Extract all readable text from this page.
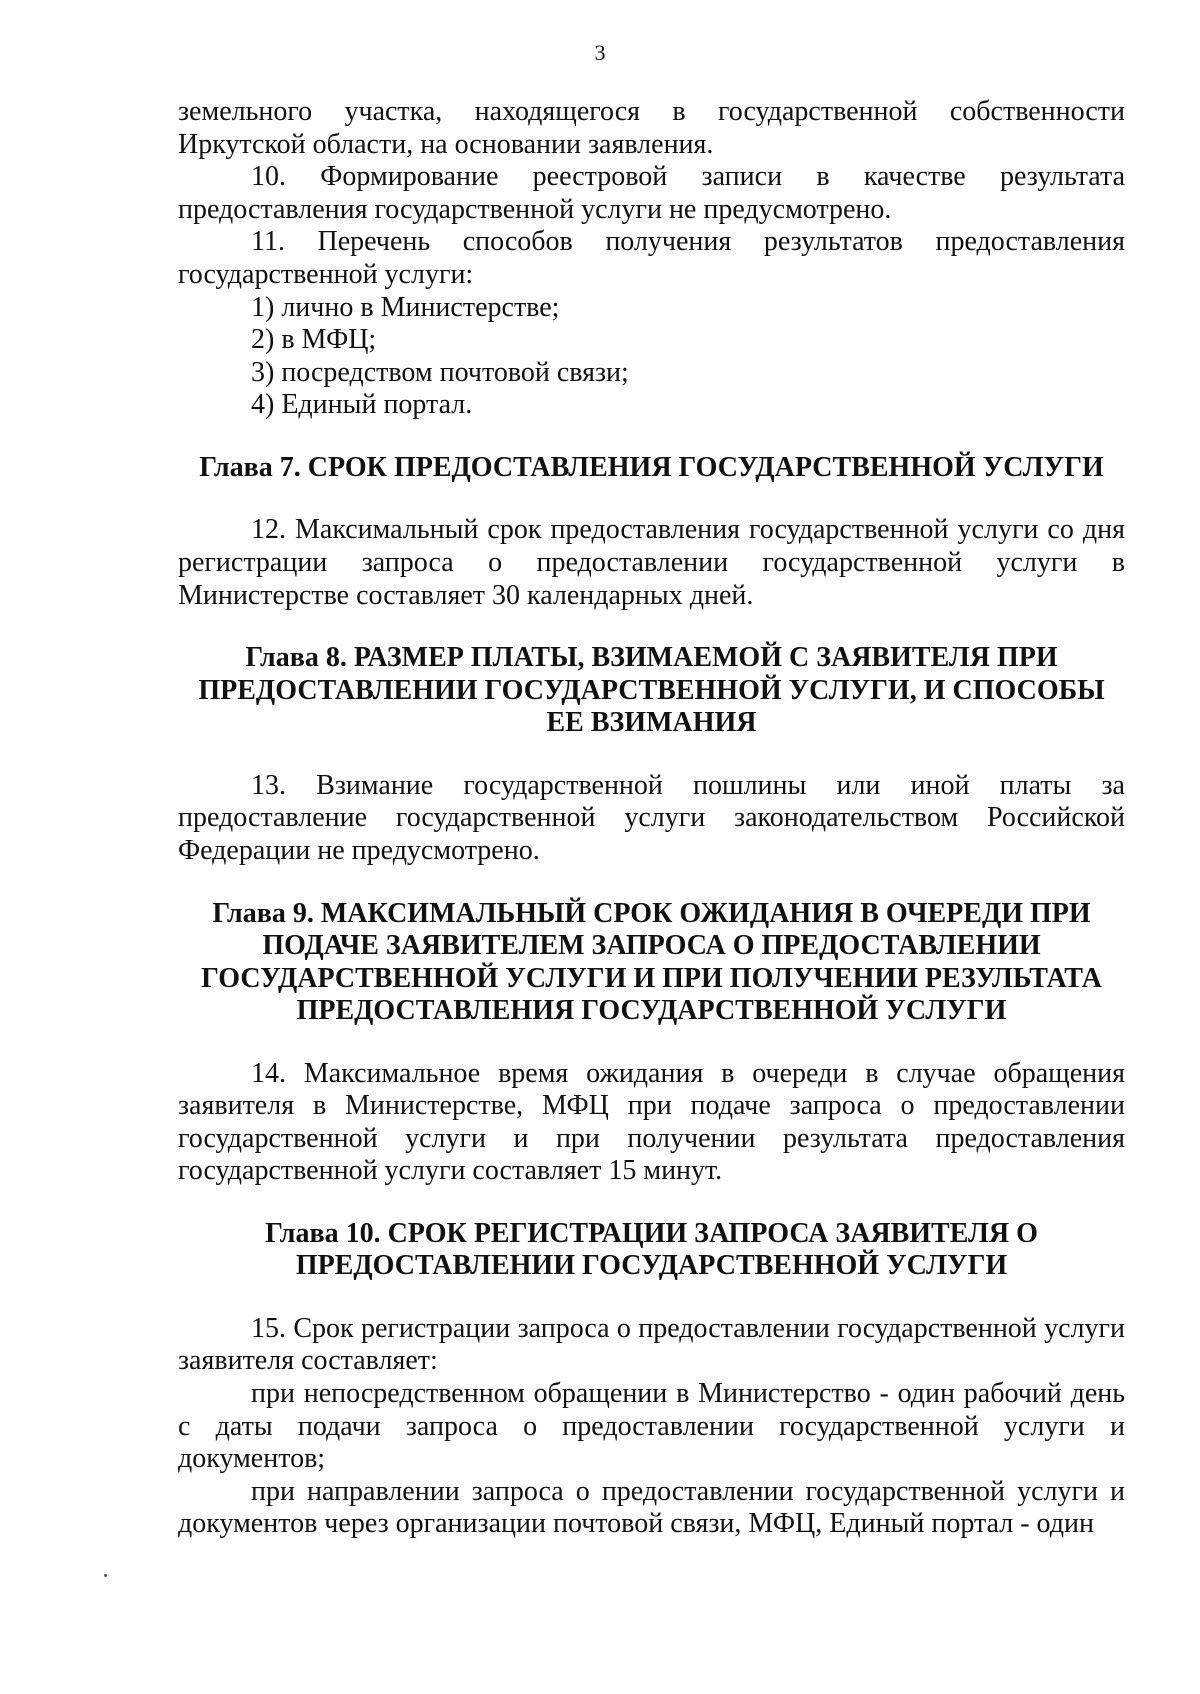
3

земельного участка, находящегося в государственной собственности Иркутской области, на основании заявления.

10. Формирование реестровой записи в качестве результата предоставления государственной услуги не предусмотрено.

11. Перечень способов получения результатов предоставления государственной услуги:

1) лично в Министерстве;

2) в МФЦ;

3) посредством почтовой связи;

4) Единый портал.

Глава 7. СРОК ПРЕДОСТАВЛЕНИЯ ГОСУДАРСТВЕННОЙ УСЛУГИ

12. Максимальный срок предоставления государственной услуги со дня регистрации запроса о предоставлении государственной услуги в Министерстве составляет 30 календарных дней.

Глава 8. РАЗМЕР ПЛАТЫ, ВЗИМАЕМОЙ С ЗАЯВИТЕЛЯ ПРИ ПРЕДОСТАВЛЕНИИ ГОСУДАРСТВЕННОЙ УСЛУГИ, И СПОСОБЫ ЕЕ ВЗИМАНИЯ

13. Взимание государственной пошлины или иной платы за предоставление государственной услуги законодательством Российской Федерации не предусмотрено.

Глава 9. МАКСИМАЛЬНЫЙ СРОК ОЖИДАНИЯ В ОЧЕРЕДИ ПРИ ПОДАЧЕ ЗАЯВИТЕЛЕМ ЗАПРОСА О ПРЕДОСТАВЛЕНИИ ГОСУДАРСТВЕННОЙ УСЛУГИ И ПРИ ПОЛУЧЕНИИ РЕЗУЛЬТАТА ПРЕДОСТАВЛЕНИЯ ГОСУДАРСТВЕННОЙ УСЛУГИ

14. Максимальное время ожидания в очереди в случае обращения заявителя в Министерстве, МФЦ при подаче запроса о предоставлении государственной услуги и при получении результата предоставления государственной услуги составляет 15 минут.

Глава 10. СРОК РЕГИСТРАЦИИ ЗАПРОСА ЗАЯВИТЕЛЯ О ПРЕДОСТАВЛЕНИИ ГОСУДАРСТВЕННОЙ УСЛУГИ

15. Срок регистрации запроса о предоставлении государственной услуги заявителя составляет:

при непосредственном обращении в Министерство - один рабочий день с даты подачи запроса о предоставлении государственной услуги и документов;

при направлении запроса о предоставлении государственной услуги и документов через организации почтовой связи, МФЦ, Единый портал - один
